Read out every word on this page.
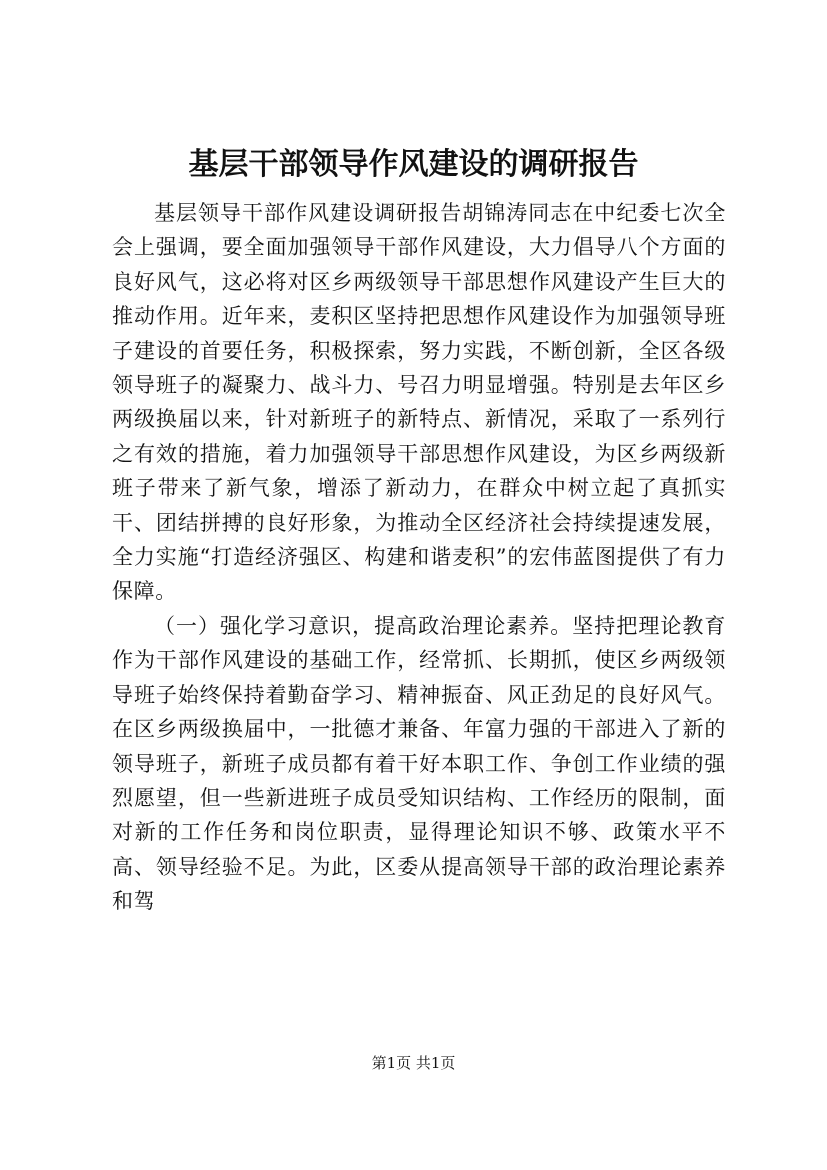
基层干部领导作风建设的调研报告

基层领导干部作风建设调研报告胡锦涛同志在中纪委七次全会上强调，要全面加强领导干部作风建设，大力倡导八个方面的良好风气，这必将对区乡两级领导干部思想作风建设产生巨大的推动作用。近年来，麦积区坚持把思想作风建设作为加强领导班子建设的首要任务，积极探索，努力实践，不断创新，全区各级领导班子的凝聚力、战斗力、号召力明显增强。特别是去年区乡两级换届以来，针对新班子的新特点、新情况，采取了一系列行之有效的措施，着力加强领导干部思想作风建设，为区乡两级新班子带来了新气象，增添了新动力，在群众中树立起了真抓实干、团结拼搏的良好形象，为推动全区经济社会持续提速发展，全力实施“打造经济强区、构建和谐麦积”的宏伟蓝图提供了有力保障。

（一）强化学习意识，提高政治理论素养。坚持把理论教育作为干部作风建设的基础工作，经常抓、长期抓，使区乡两级领导班子始终保持着勤奋学习、精神振奋、风正劲足的良好风气。在区乡两级换届中，一批德才兼备、年富力强的干部进入了新的领导班子，新班子成员都有着干好本职工作、争创工作业绩的强烈愿望，但一些新进班子成员受知识结构、工作经历的限制，面对新的工作任务和岗位职责，显得理论知识不够、政策水平不高、领导经验不足。为此，区委从提高领导干部的政治理论素养和驾

第1页 共1页
